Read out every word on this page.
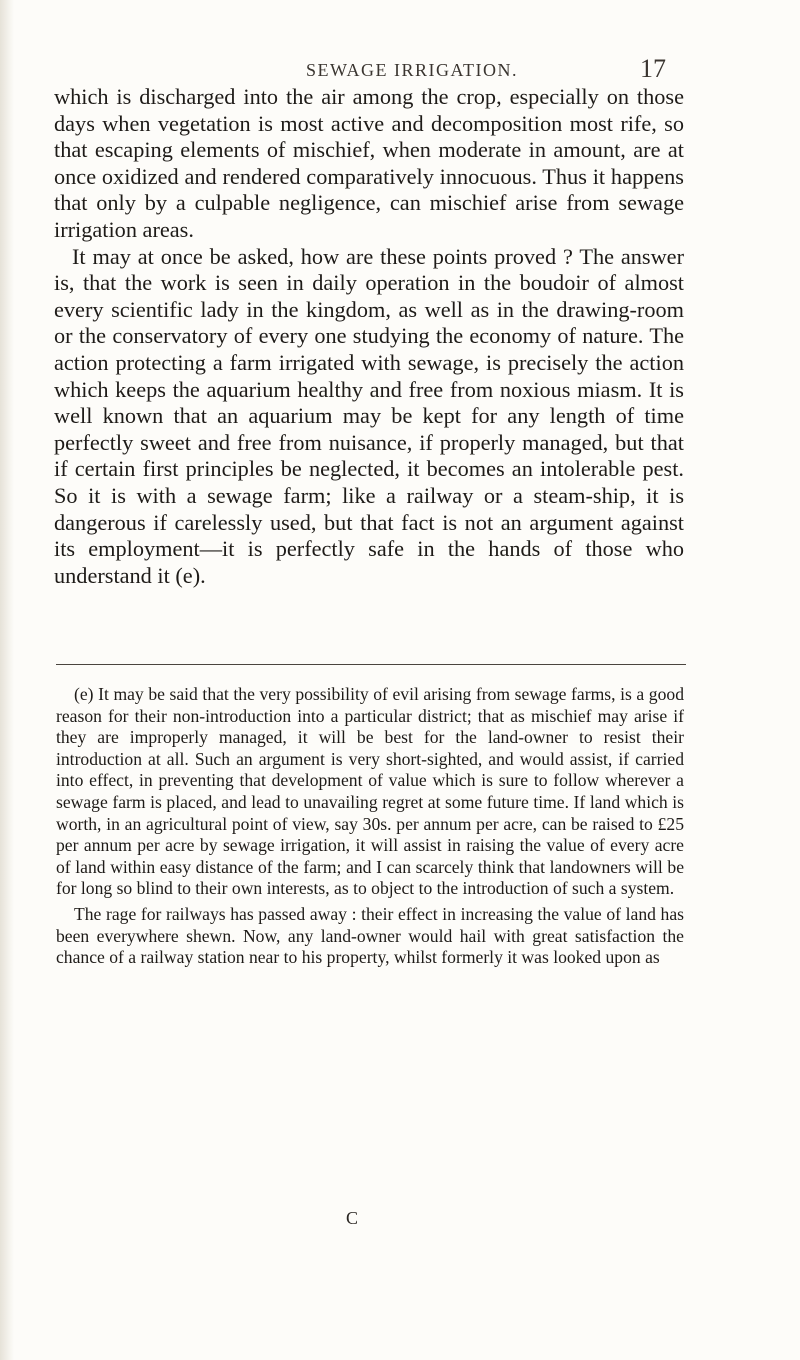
SEWAGE IRRIGATION.	17

which is discharged into the air among the crop, especially on those days when vegetation is most active and decomposition most rife, so that escaping elements of mischief, when moderate in amount, are at once oxidized and rendered comparatively innocuous. Thus it happens that only by a culpable negligence, can mischief arise from sewage irrigation areas.

It may at once be asked, how are these points proved ? The answer is, that the work is seen in daily operation in the boudoir of almost every scientific lady in the kingdom, as well as in the drawing-room or the conservatory of every one studying the economy of nature. The action protecting a farm irrigated with sewage, is precisely the action which keeps the aquarium healthy and free from noxious miasm. It is well known that an aquarium may be kept for any length of time perfectly sweet and free from nuisance, if properly managed, but that if certain first principles be neglected, it becomes an intolerable pest. So it is with a sewage farm; like a railway or a steam-ship, it is dangerous if carelessly used, but that fact is not an argument against its employment—it is perfectly safe in the hands of those who understand it (e).

(e) It may be said that the very possibility of evil arising from sewage farms, is a good reason for their non-introduction into a particular district; that as mischief may arise if they are improperly managed, it will be best for the land-owner to resist their introduction at all. Such an argument is very short-sighted, and would assist, if carried into effect, in preventing that development of value which is sure to follow wherever a sewage farm is placed, and lead to unavailing regret at some future time. If land which is worth, in an agricultural point of view, say 30s. per annum per acre, can be raised to £25 per annum per acre by sewage irrigation, it will assist in raising the value of every acre of land within easy distance of the farm; and I can scarcely think that landowners will be for long so blind to their own interests, as to object to the introduction of such a system.

The rage for railways has passed away : their effect in increasing the value of land has been everywhere shewn. Now, any land-owner would hail with great satisfaction the chance of a railway station near to his property, whilst formerly it was looked upon as

C
